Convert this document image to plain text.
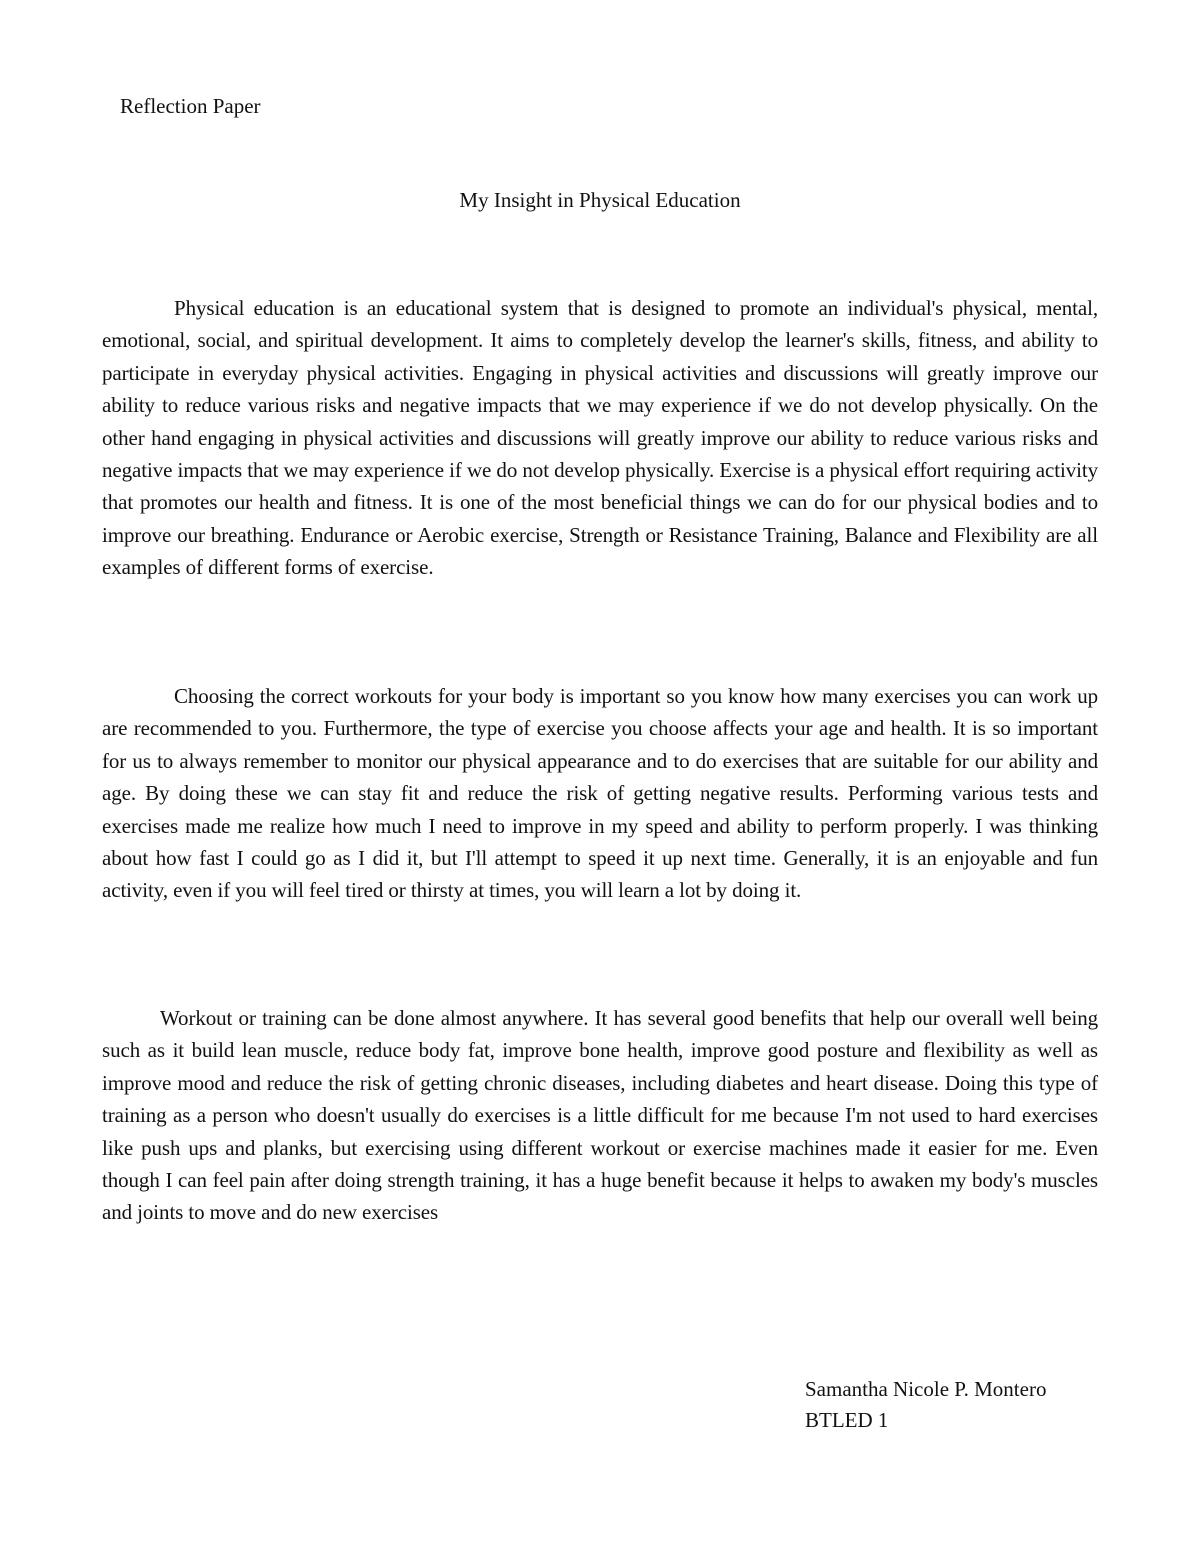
Reflection Paper
My Insight in Physical Education

Physical education is an educational system that is designed to promote an individual's physical, mental, emotional, social, and spiritual development. It aims to completely develop the learner's skills, fitness, and ability to participate in everyday physical activities. Engaging in physical activities and discussions will greatly improve our ability to reduce various risks and negative impacts that we may experience if we do not develop physically. On the other hand engaging in physical activities and discussions will greatly improve our ability to reduce various risks and negative impacts that we may experience if we do not develop physically. Exercise is a physical effort requiring activity that promotes our health and fitness. It is one of the most beneficial things we can do for our physical bodies and to improve our breathing. Endurance or Aerobic exercise, Strength or Resistance Training, Balance and Flexibility are all examples of different forms of exercise.

Choosing the correct workouts for your body is important so you know how many exercises you can work up are recommended to you. Furthermore, the type of exercise you choose affects your age and health. It is so important for us to always remember to monitor our physical appearance and to do exercises that are suitable for our ability and age. By doing these we can stay fit and reduce the risk of getting negative results. Performing various tests and exercises made me realize how much I need to improve in my speed and ability to perform properly. I was thinking about how fast I could go as I did it, but I'll attempt to speed it up next time. Generally, it is an enjoyable and fun activity, even if you will feel tired or thirsty at times, you will learn a lot by doing it.

Workout or training can be done almost anywhere. It has several good benefits that help our overall well being such as it build lean muscle, reduce body fat, improve bone health, improve good posture and flexibility as well as improve mood and reduce the risk of getting chronic diseases, including diabetes and heart disease. Doing this type of training as a person who doesn't usually do exercises is a little difficult for me because I'm not used to hard exercises like push ups and planks, but exercising using different workout or exercise machines made it easier for me. Even though I can feel pain after doing strength training, it has a huge benefit because it helps to awaken my body's muscles and joints to move and do new exercises

Samantha Nicole P. Montero
BTLED 1
